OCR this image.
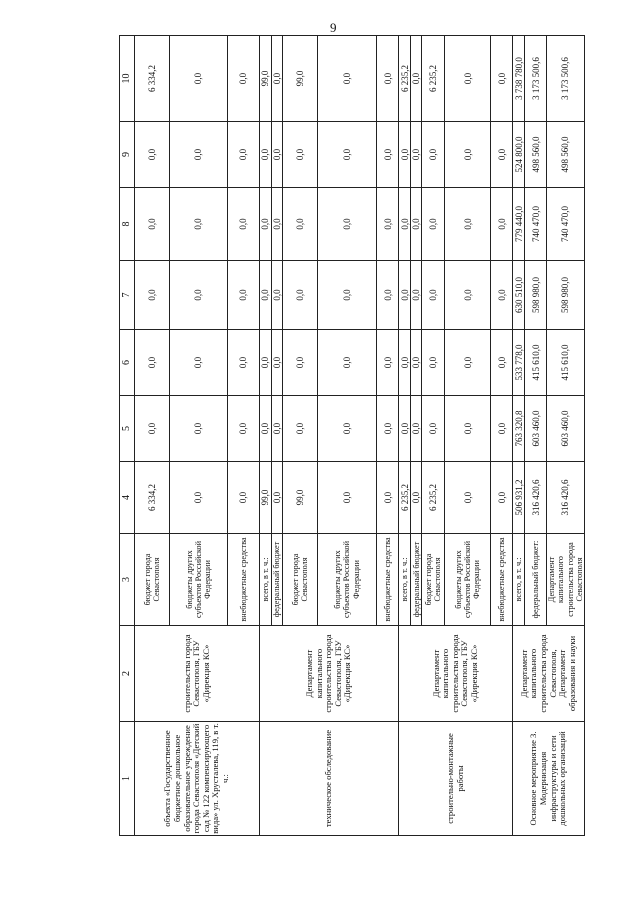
9
1	2	3	4	5	6	7	8	9	10
объекта «Государственное бюджетное дошкольное образовательное учреждение города Севастополя «Детский сад № 122 компенсирующего вида» ул. Хрусталева, 119, в т. ч.:	строительства города Севастополя, ГБУ «Дирекция КС»	бюджет города Севастополя	6 334,2	0,0	0,0	0,0	0,0	0,0	6 334,2
		бюджеты других субъектов Российской Федерации	0,0	0,0	0,0	0,0	0,0	0,0	0,0
		внебюджетные средства	0,0	0,0	0,0	0,0	0,0	0,0	0,0
техническое обследование	Департамент капитального строительства города Севастополя, ГБУ «Дирекция КС»	всего, в т. ч.:	99,0	0,0	0,0	0,0	0,0	0,0	99,0
		федеральный бюджет	0,0	0,0	0,0	0,0	0,0	0,0	0,0
		бюджет города Севастополя	99,0	0,0	0,0	0,0	0,0	0,0	99,0
		бюджеты других субъектов Российской Федерации	0,0	0,0	0,0	0,0	0,0	0,0	0,0
		внебюджетные средства	0,0	0,0	0,0	0,0	0,0	0,0	0,0
строительно-монтажные работы	Департамент капитального строительства города Севастополя, ГБУ «Дирекция КС»	всего, в т. ч.:	6 235,2	0,0	0,0	0,0	0,0	0,0	6 235,2
		федеральный бюджет	0,0	0,0	0,0	0,0	0,0	0,0	0,0
		бюджет города Севастополя	6 235,2	0,0	0,0	0,0	0,0	0,0	6 235,2
		бюджеты других субъектов Российской Федерации	0,0	0,0	0,0	0,0	0,0	0,0	0,0
		внебюджетные средства	0,0	0,0	0,0	0,0	0,0	0,0	0,0
Основное мероприятие 3. Модернизация инфраструктуры и сети дошкольных организаций	Департамент капитального строительства города Севастополя, Департамент образования и науки	всего, в т. ч.:	506 931,2	763 320,8	533 778,0	630 510,0	779 440,0	524 800,0	3 738 780,0
		федеральный бюджет:	316 420,6	603 460,0	415 610,0	598 980,0	740 470,0	498 560,0	3 173 500,6
		Департамент капитального строительства города Севастополя	316 420,6	603 460,0	415 610,0	598 980,0	740 470,0	498 560,0	3 173 500,6
